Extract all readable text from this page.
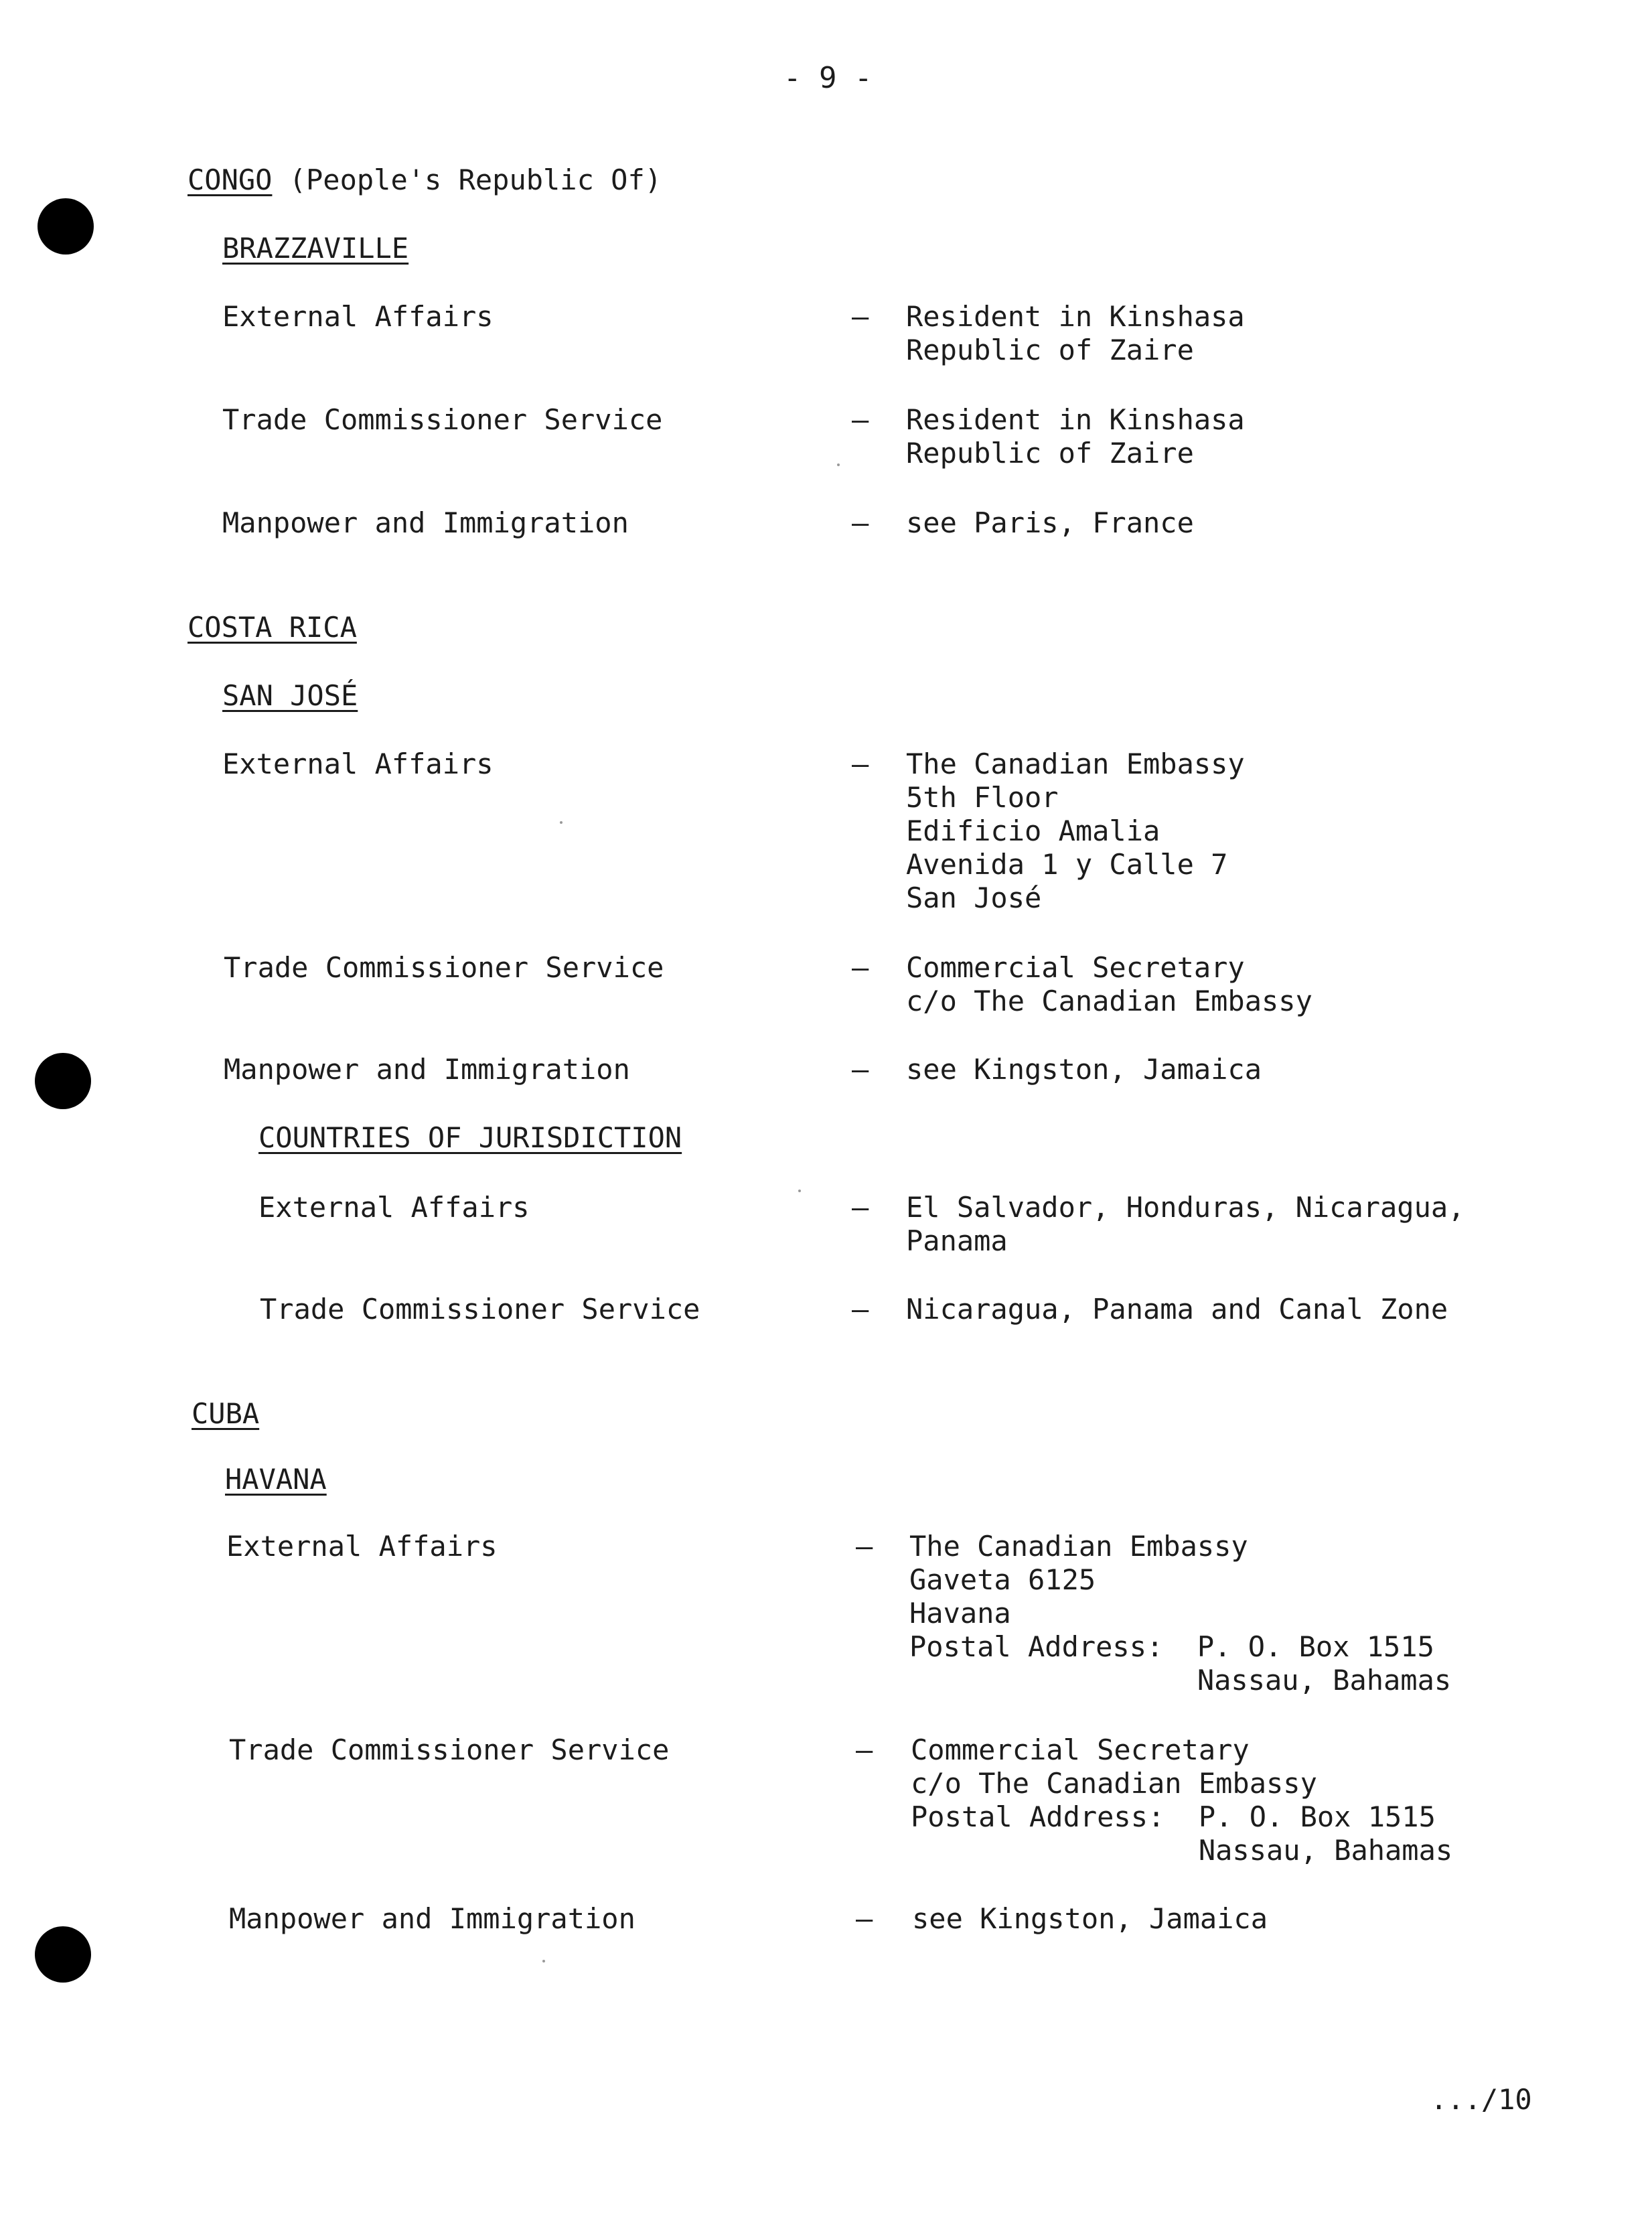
- 9 -
CONGO (People's Republic Of)
BRAZZAVILLE
External Affairs	– Resident in Kinshasa
Republic of Zaire
Trade Commissioner Service	– Resident in Kinshasa
Republic of Zaire
Manpower and Immigration	– see Paris, France
COSTA RICA
SAN JOSÉ
External Affairs	– The Canadian Embassy
5th Floor
Edificio Amalia
Avenida 1 y Calle 7
San José
Trade Commissioner Service	– Commercial Secretary
c/o The Canadian Embassy
Manpower and Immigration	– see Kingston, Jamaica
COUNTRIES OF JURISDICTION
External Affairs	– El Salvador, Honduras, Nicaragua,
Panama
Trade Commissioner Service	– Nicaragua, Panama and Canal Zone
CUBA
HAVANA
External Affairs	– The Canadian Embassy
Gaveta 6125
Havana
Postal Address:  P. O. Box 1515
Nassau, Bahamas
Trade Commissioner Service	– Commercial Secretary
c/o The Canadian Embassy
Postal Address:  P. O. Box 1515
Nassau, Bahamas
Manpower and Immigration	– see Kingston, Jamaica
.../10
